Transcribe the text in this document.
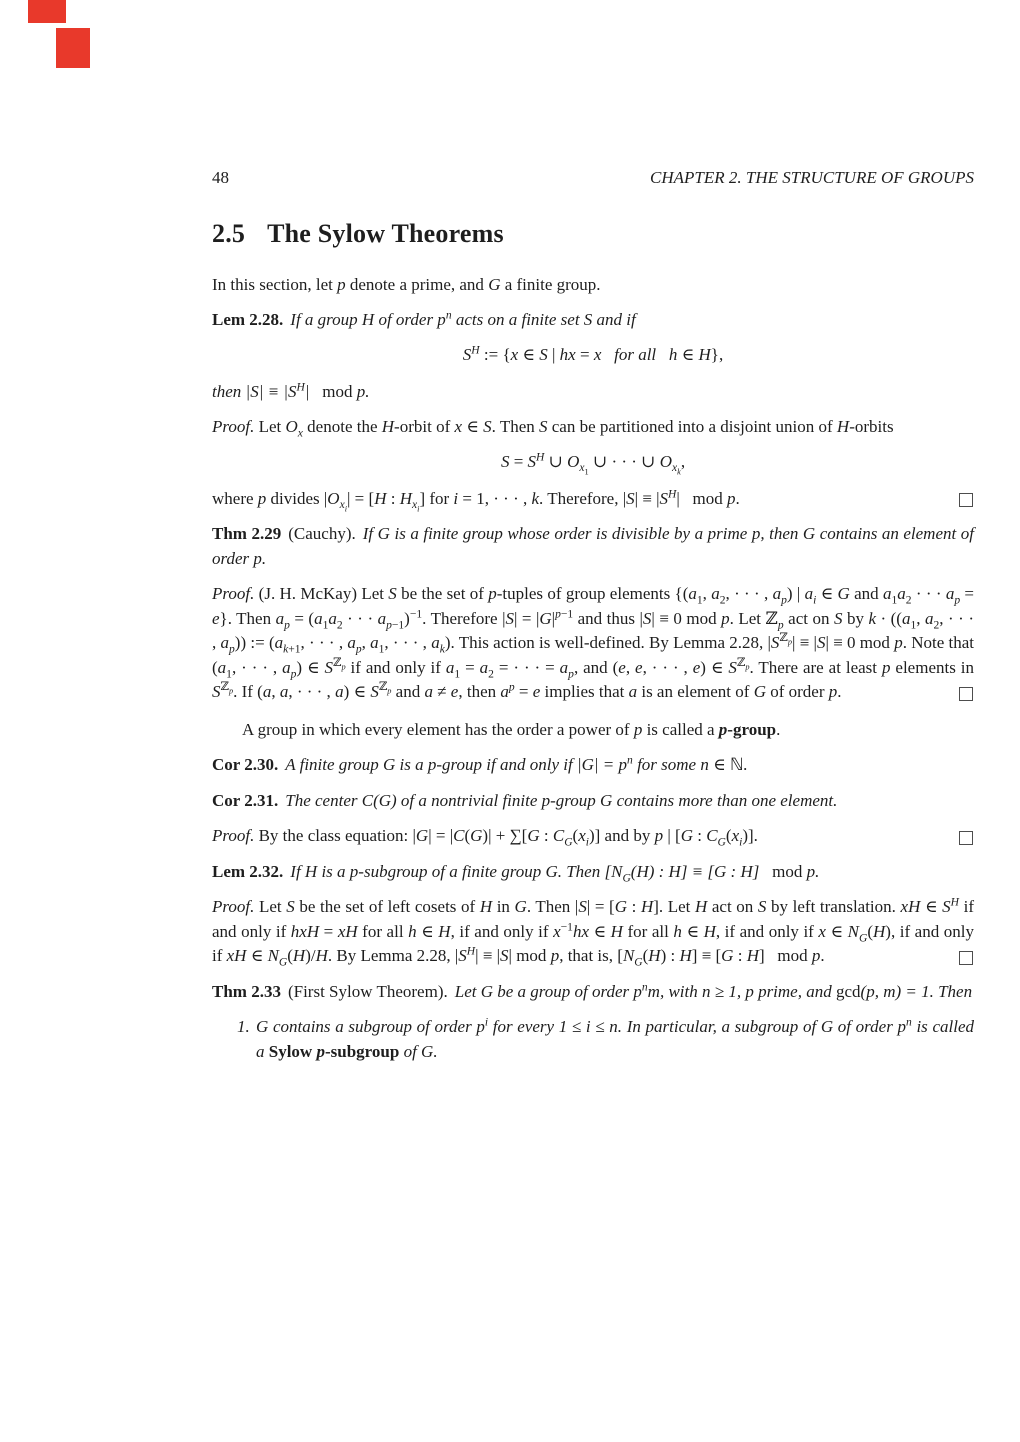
48	CHAPTER 2. THE STRUCTURE OF GROUPS
2.5 The Sylow Theorems

In this section, let p denote a prime, and G a finite group.

Lem 2.28. If a group H of order $p^n$ acts on a finite set S and if

$S^H$ := {x ∈ S | hx = x  for all  h ∈ H},

then $|S| \equiv |S^H|$  mod p.

Proof. Let $O_x$ denote the H-orbit of x ∈ S. Then S can be partitioned into a disjoint union of H-orbits

$S = S^H$ ∪ $O_{x_1}$ ∪ · · · ∪ $O_{x_k}$,

where p divides $|O_{x_i}| = [H$ : $H_{x_i}$] for i = 1, · · · , k. Therefore, $|S| \equiv |S^H|$  mod p.

Thm 2.29 (Cauchy). If G is a finite group whose order is divisible by a prime p, then G contains an element of order p.

Proof. (J. H. McKay) Let S be the set of p-tuples of group elements {($a_1$, $a_2$, · · · , $a_p$) | $a_i$ ∈ G and $a_1a_2$ · · · $a_p = e$}. Then $a_p = (a_1a_2$ · · · $a_{p-1})^{-1}$. Therefore $|S| = |G|^{p-1}$ and thus |S| ≡ 0 mod p. Let ℤ$_p$ act on S by $k \cdot ((a_1$, $a_2$, · · · , $a_p$)) := ($a_{k+1}$, · · · , $a_p$, $a_1$, · · · , $a_k$). This action is well-defined. By Lemma 2.28, $|S^{ℤ_p}| \equiv |S| \equiv 0$ mod p. Note that ($a_1$, · · · , $a_p$) ∈ $S^{ℤ_p}$ if and only if $a_1 = a_2$ = · · · = $a_p$, and (e, e, · · · , e) ∈ $S^{ℤ_p}$. There are at least p elements in $S^{ℤ_p}$. If (a, a, · · · , a) ∈ $S^{ℤ_p}$ and a ≠ e, then $a^p = e$ implies that a is an element of G of order p.

A group in which every element has the order a power of p is called a p-group.

Cor 2.30. A finite group G is a p-group if and only if $|G| = p^n$ for some n ∈ ℕ.

Cor 2.31. The center C(G) of a nontrivial finite p-group G contains more than one element.

Proof. By the class equation: |G| = |C(G)| + ∑[G : $C_G(x_i)$] and by p | [G : $C_G(x_i)$].

Lem 2.32. If H is a p-subgroup of a finite group G. Then [$N_G(H)$ : H] ≡ [G : H]  mod p.

Proof. Let S be the set of left cosets of H in G. Then |S| = [G : H]. Let H act on S by left translation. xH ∈ $S^H$ if and only if hxH = xH for all h ∈ H, if and only if $x^{-1}hx$ ∈ H for all h ∈ H, if and only if x ∈ $N_G(H)$, if and only if xH ∈ $N_G(H)/H$. By Lemma 2.28, $|S^H| \equiv |S|$ mod p, that is, [$N_G(H)$ : H] ≡ [G : H]  mod p.

Thm 2.33 (First Sylow Theorem). Let G be a group of order $p^nm$, with n ≥ 1, p prime, and gcd(p, m) = 1. Then

1. G contains a subgroup of order $p^i$ for every 1 ≤ i ≤ n. In particular, a subgroup of G of order $p^n$ is called a Sylow p-subgroup of G.
